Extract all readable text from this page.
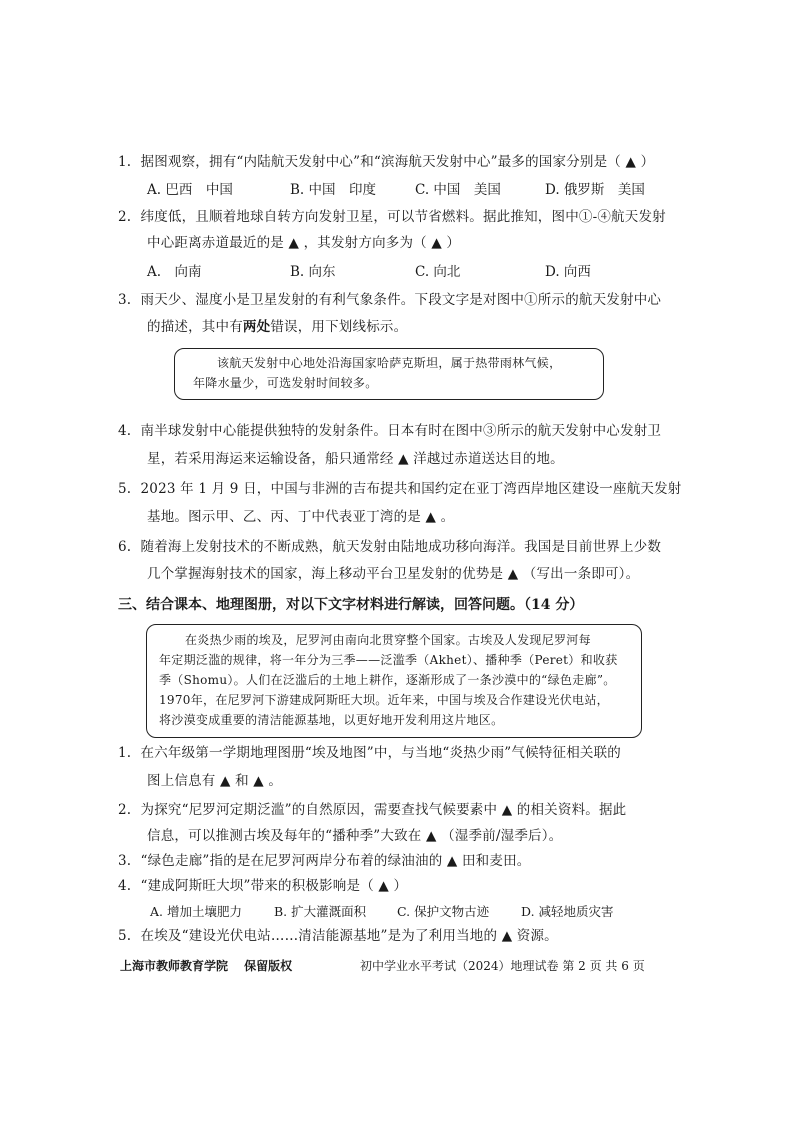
1. 据图观察，拥有“内陆航天发射中心”和“滨海航天发射中心”最多的国家分别是（ ▲ ）
A. 巴西　中国	B. 中国　印度	C. 中国　美国	D. 俄罗斯　美国
2. 纬度低，且顺着地球自转方向发射卫星，可以节省燃料。据此推知，图中①-④航天发射
中心距离赤道最近的是 ▲ ，其发射方向多为（ ▲ ）
A.　向南	B. 向东	C. 向北	D. 向西
3. 雨天少、湿度小是卫星发射的有利气象条件。下段文字是对图中①所示的航天发射中心
的描述，其中有两处错误，用下划线标示。
该航天发射中心地处沿海国家哈萨克斯坦，属于热带雨林气候，
年降水量少，可选发射时间较多。
4. 南半球发射中心能提供独特的发射条件。日本有时在图中③所示的航天发射中心发射卫
星，若采用海运来运输设备，船只通常经 ▲ 洋越过赤道送达目的地。
5. 2023 年 1 月 9 日，中国与非洲的吉布提共和国约定在亚丁湾西岸地区建设一座航天发射
基地。图示甲、乙、丙、丁中代表亚丁湾的是 ▲ 。
6. 随着海上发射技术的不断成熟，航天发射由陆地成功移向海洋。我国是目前世界上少数
几个掌握海射技术的国家，海上移动平台卫星发射的优势是 ▲ （写出一条即可）。
三、结合课本、地理图册，对以下文字材料进行解读，回答问题。（14 分）
在炎热少雨的埃及，尼罗河由南向北贯穿整个国家。古埃及人发现尼罗河每
年定期泛滥的规律，将一年分为三季——泛滥季（Akhet）、播种季（Peret）和收获
季（Shomu）。人们在泛滥后的土地上耕作，逐渐形成了一条沙漠中的“绿色走廊”。
1970年，在尼罗河下游建成阿斯旺大坝。近年来，中国与埃及合作建设光伏电站，
将沙漠变成重要的清洁能源基地，以更好地开发利用这片地区。
1. 在六年级第一学期地理图册“埃及地图”中，与当地“炎热少雨”气候特征相关联的
图上信息有 ▲ 和 ▲ 。
2. 为探究“尼罗河定期泛滥”的自然原因，需要查找气候要素中 ▲ 的相关资料。据此
信息，可以推测古埃及每年的“播种季”大致在 ▲ （湿季前/湿季后）。
3. “绿色走廊”指的是在尼罗河两岸分布着的绿油油的 ▲ 田和麦田。
4. “建成阿斯旺大坝”带来的积极影响是（ ▲ ）
A. 增加土壤肥力	B. 扩大灌溉面积 C. 保护文物古迹	D. 减轻地质灾害
5. 在埃及“建设光伏电站……清洁能源基地”是为了利用当地的 ▲ 资源。
上海市教师教育学院　 保留版权	初中学业水平考试（2024）地理试卷 第 2 页 共 6 页
